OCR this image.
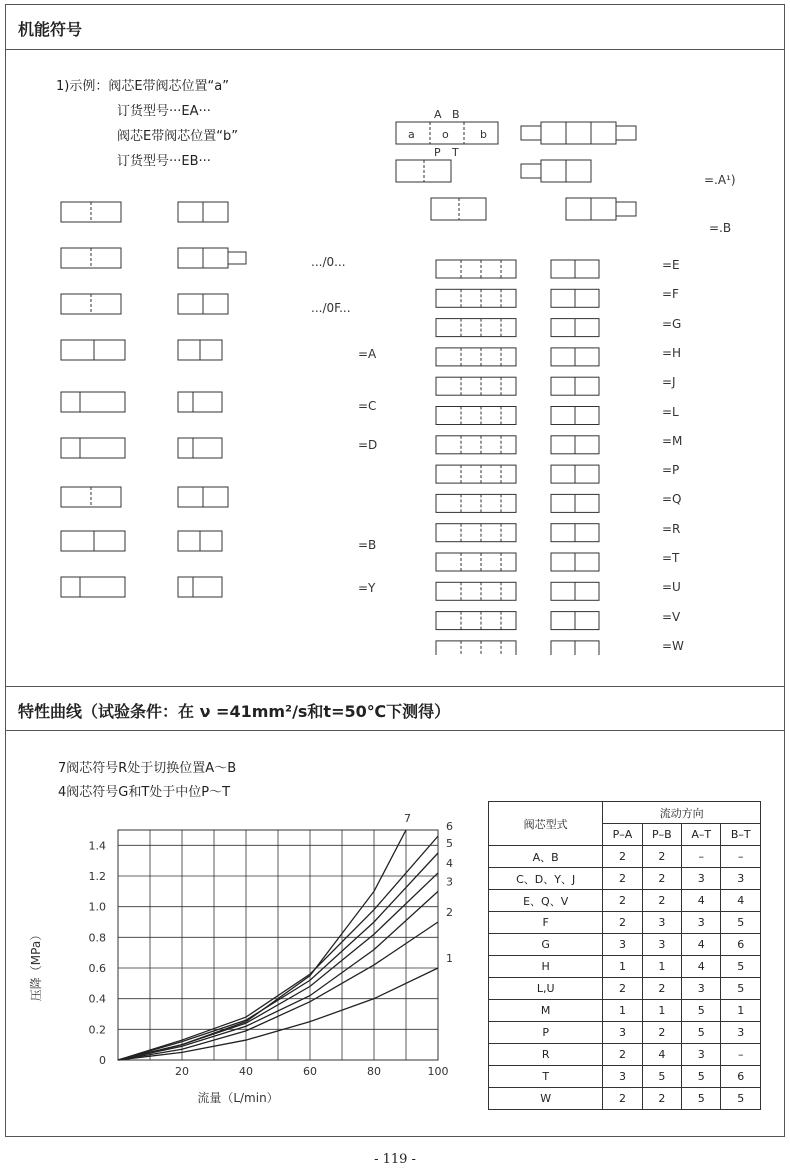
机能符号
1)示例：阀芯E带阀芯位置“a”
订货型号···EA···
阀芯E带阀芯位置“b”
订货型号···EB···
.../0...
.../0F...
=A
=C
=D
=B
=Y
=.A¹)
=.B
=E
=F
=G
=H
=J
=L
=M
=P
=Q
=R
=T
=U
=V
=W
a o	b
A B
P T
特性曲线（试验条件：在 ν =41mm²/s和t=50℃下测得）
7阀芯符号R处于切换位置A～B
4阀芯符号G和T处于中位P～T
0
0.2
0.4
0.6
0.8
1.0
1.2
1.4
20	40	60	80	100
流量（L/min）
压降（MPa）	1
2
3
4
5
6
7	阀芯型式	流动方向			
	P–A	P–B	A–T	B–T
A、B	2	2	–	–
C、D、Y、J	2	2	3	3
E、Q、V	2	2	4	4
F	2	3	3	5
G	3	3	4	6
H	1	1	4	5
L,U	2	2	3	5
M	1	1	5	1
P	3	2	5	3
R	2	4	3	–
T	3	5	5	6
W	2	2	5	5
- 119 -
